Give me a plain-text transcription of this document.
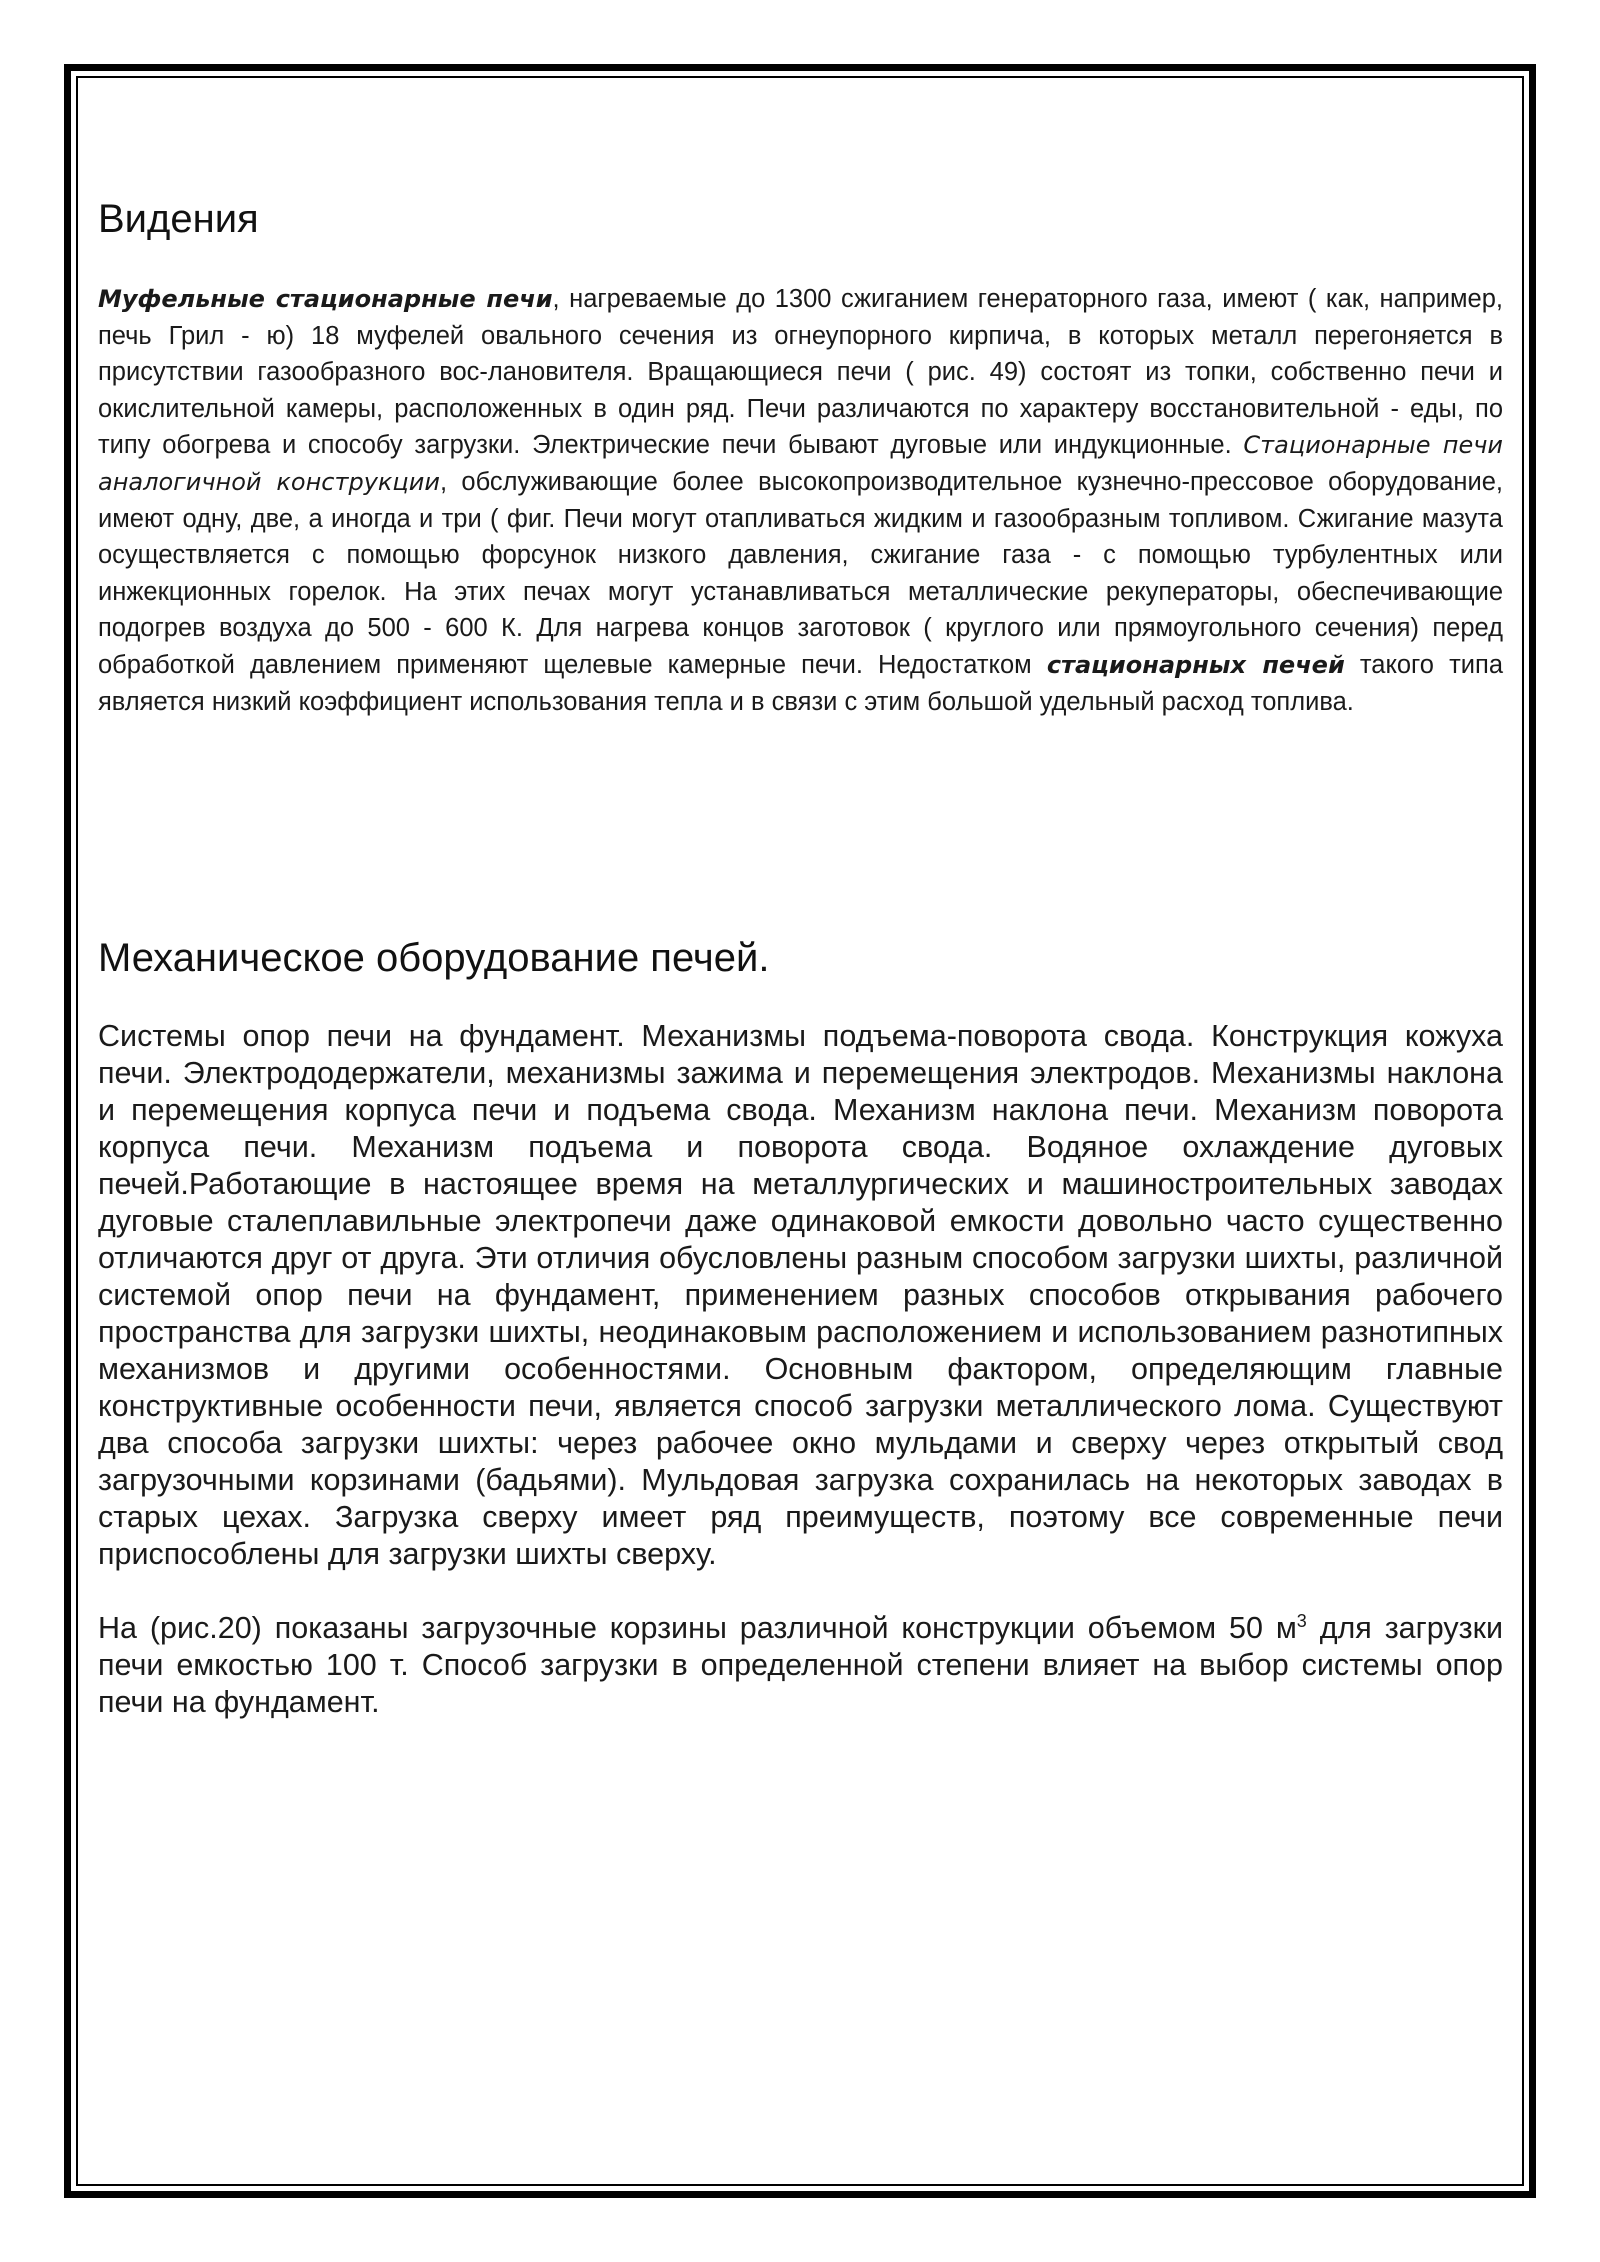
Видения

Муфельные стационарные печи, нагреваемые до 1300 сжиганием генераторного газа, имеют ( как, например, печь Грил - ю) 18 муфелей овального сечения из огнеупорного кирпича, в которых металл перегоняется в присутствии газообразного вос-лановителя. Вращающиеся печи ( рис. 49) состоят из топки, собственно печи и окислительной камеры, расположенных в один ряд. Печи различаются по характеру восстановительной - еды, по типу обогрева и способу загрузки. Электрические печи бывают дуговые или индукционные. Стационарные печи аналогичной конструкции, обслуживающие более высокопроизводительное кузнечно-прессовое оборудование, имеют одну, две, а иногда и три ( фиг. Печи могут отапливаться жидким и газообразным топливом. Сжигание мазута осуществляется с помощью форсунок низкого давления, сжигание газа - с помощью турбулентных или инжекционных горелок. На этих печах могут устанавливаться металлические рекуператоры, обеспечивающие подогрев воздуха до 500 - 600 К. Для нагрева концов заготовок ( круглого или прямоугольного сечения) перед обработкой давлением применяют щелевые камерные печи. Недостатком стационарных печей такого типа является низкий коэффициент использования тепла и в связи с этим большой удельный расход топлива.

Механическое оборудование печей.

Системы опор печи на фундамент. Механизмы подъема-поворота свода. Конструкция кожуха печи. Электрододержатели, механизмы зажима и перемещения электродов. Механизмы наклона и перемещения корпуса печи и подъема свода. Механизм наклона печи. Механизм поворота корпуса печи. Механизм подъема и поворота свода. Водяное охлаждение дуговых печей.Работающие в настоящее время на металлургических и машиностроительных заводах дуговые сталеплавильные электропечи даже одинаковой емкости довольно часто существенно отличаются друг от друга. Эти отличия обусловлены разным способом загрузки шихты, различной системой опор печи на фундамент, применением разных способов открывания рабочего пространства для загрузки шихты, неодинаковым расположением и использованием разнотипных механизмов и другими особенностями. Основным фактором, определяющим главные конструктивные особенности печи, является способ загрузки металлического лома. Существуют два способа загрузки шихты: через рабочее окно мульдами и сверху через открытый свод загрузочными корзинами (бадьями). Мульдовая загрузка сохранилась на некоторых заводах в старых цехах. Загрузка сверху имеет ряд преимуществ, поэтому все современные печи приспособлены для загрузки шихты сверху.

На (рис.20) показаны загрузочные корзины различной конструкции объемом 50 $м^3$ для загрузки печи емкостью 100 т. Способ загрузки в определенной степени влияет на выбор системы опор печи на фундамент.
